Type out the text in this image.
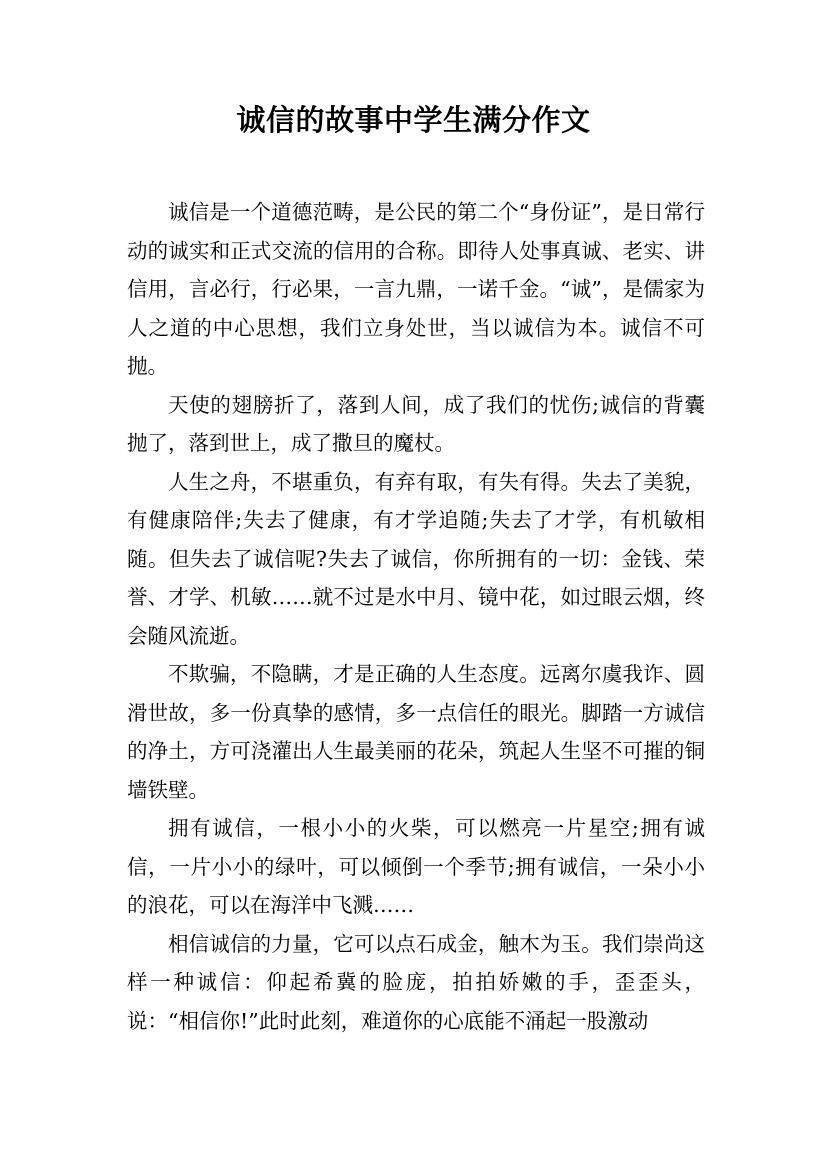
诚信的故事中学生满分作文

诚信是一个道德范畴，是公民的第二个“身份证”，是日常行动的诚实和正式交流的信用的合称。即待人处事真诚、老实、讲信用，言必行，行必果，一言九鼎，一诺千金。“诚”，是儒家为人之道的中心思想，我们立身处世，当以诚信为本。诚信不可抛。

天使的翅膀折了，落到人间，成了我们的忧伤;诚信的背囊抛了，落到世上，成了撒旦的魔杖。

人生之舟，不堪重负，有弃有取，有失有得。失去了美貌，有健康陪伴;失去了健康，有才学追随;失去了才学，有机敏相随。但失去了诚信呢?失去了诚信，你所拥有的一切：金钱、荣誉、才学、机敏……就不过是水中月、镜中花，如过眼云烟，终会随风流逝。

不欺骗，不隐瞒，才是正确的人生态度。远离尔虞我诈、圆滑世故，多一份真挚的感情，多一点信任的眼光。脚踏一方诚信的净土，方可浇灌出人生最美丽的花朵，筑起人生坚不可摧的铜墙铁壁。

拥有诚信，一根小小的火柴，可以燃亮一片星空;拥有诚信，一片小小的绿叶，可以倾倒一个季节;拥有诚信，一朵小小的浪花，可以在海洋中飞溅……

相信诚信的力量，它可以点石成金，触木为玉。我们崇尚这样一种诚信：仰起希冀的脸庞，拍拍娇嫩的手，歪歪头，说：“相信你!”此时此刻，难道你的心底能不涌起一股激动
